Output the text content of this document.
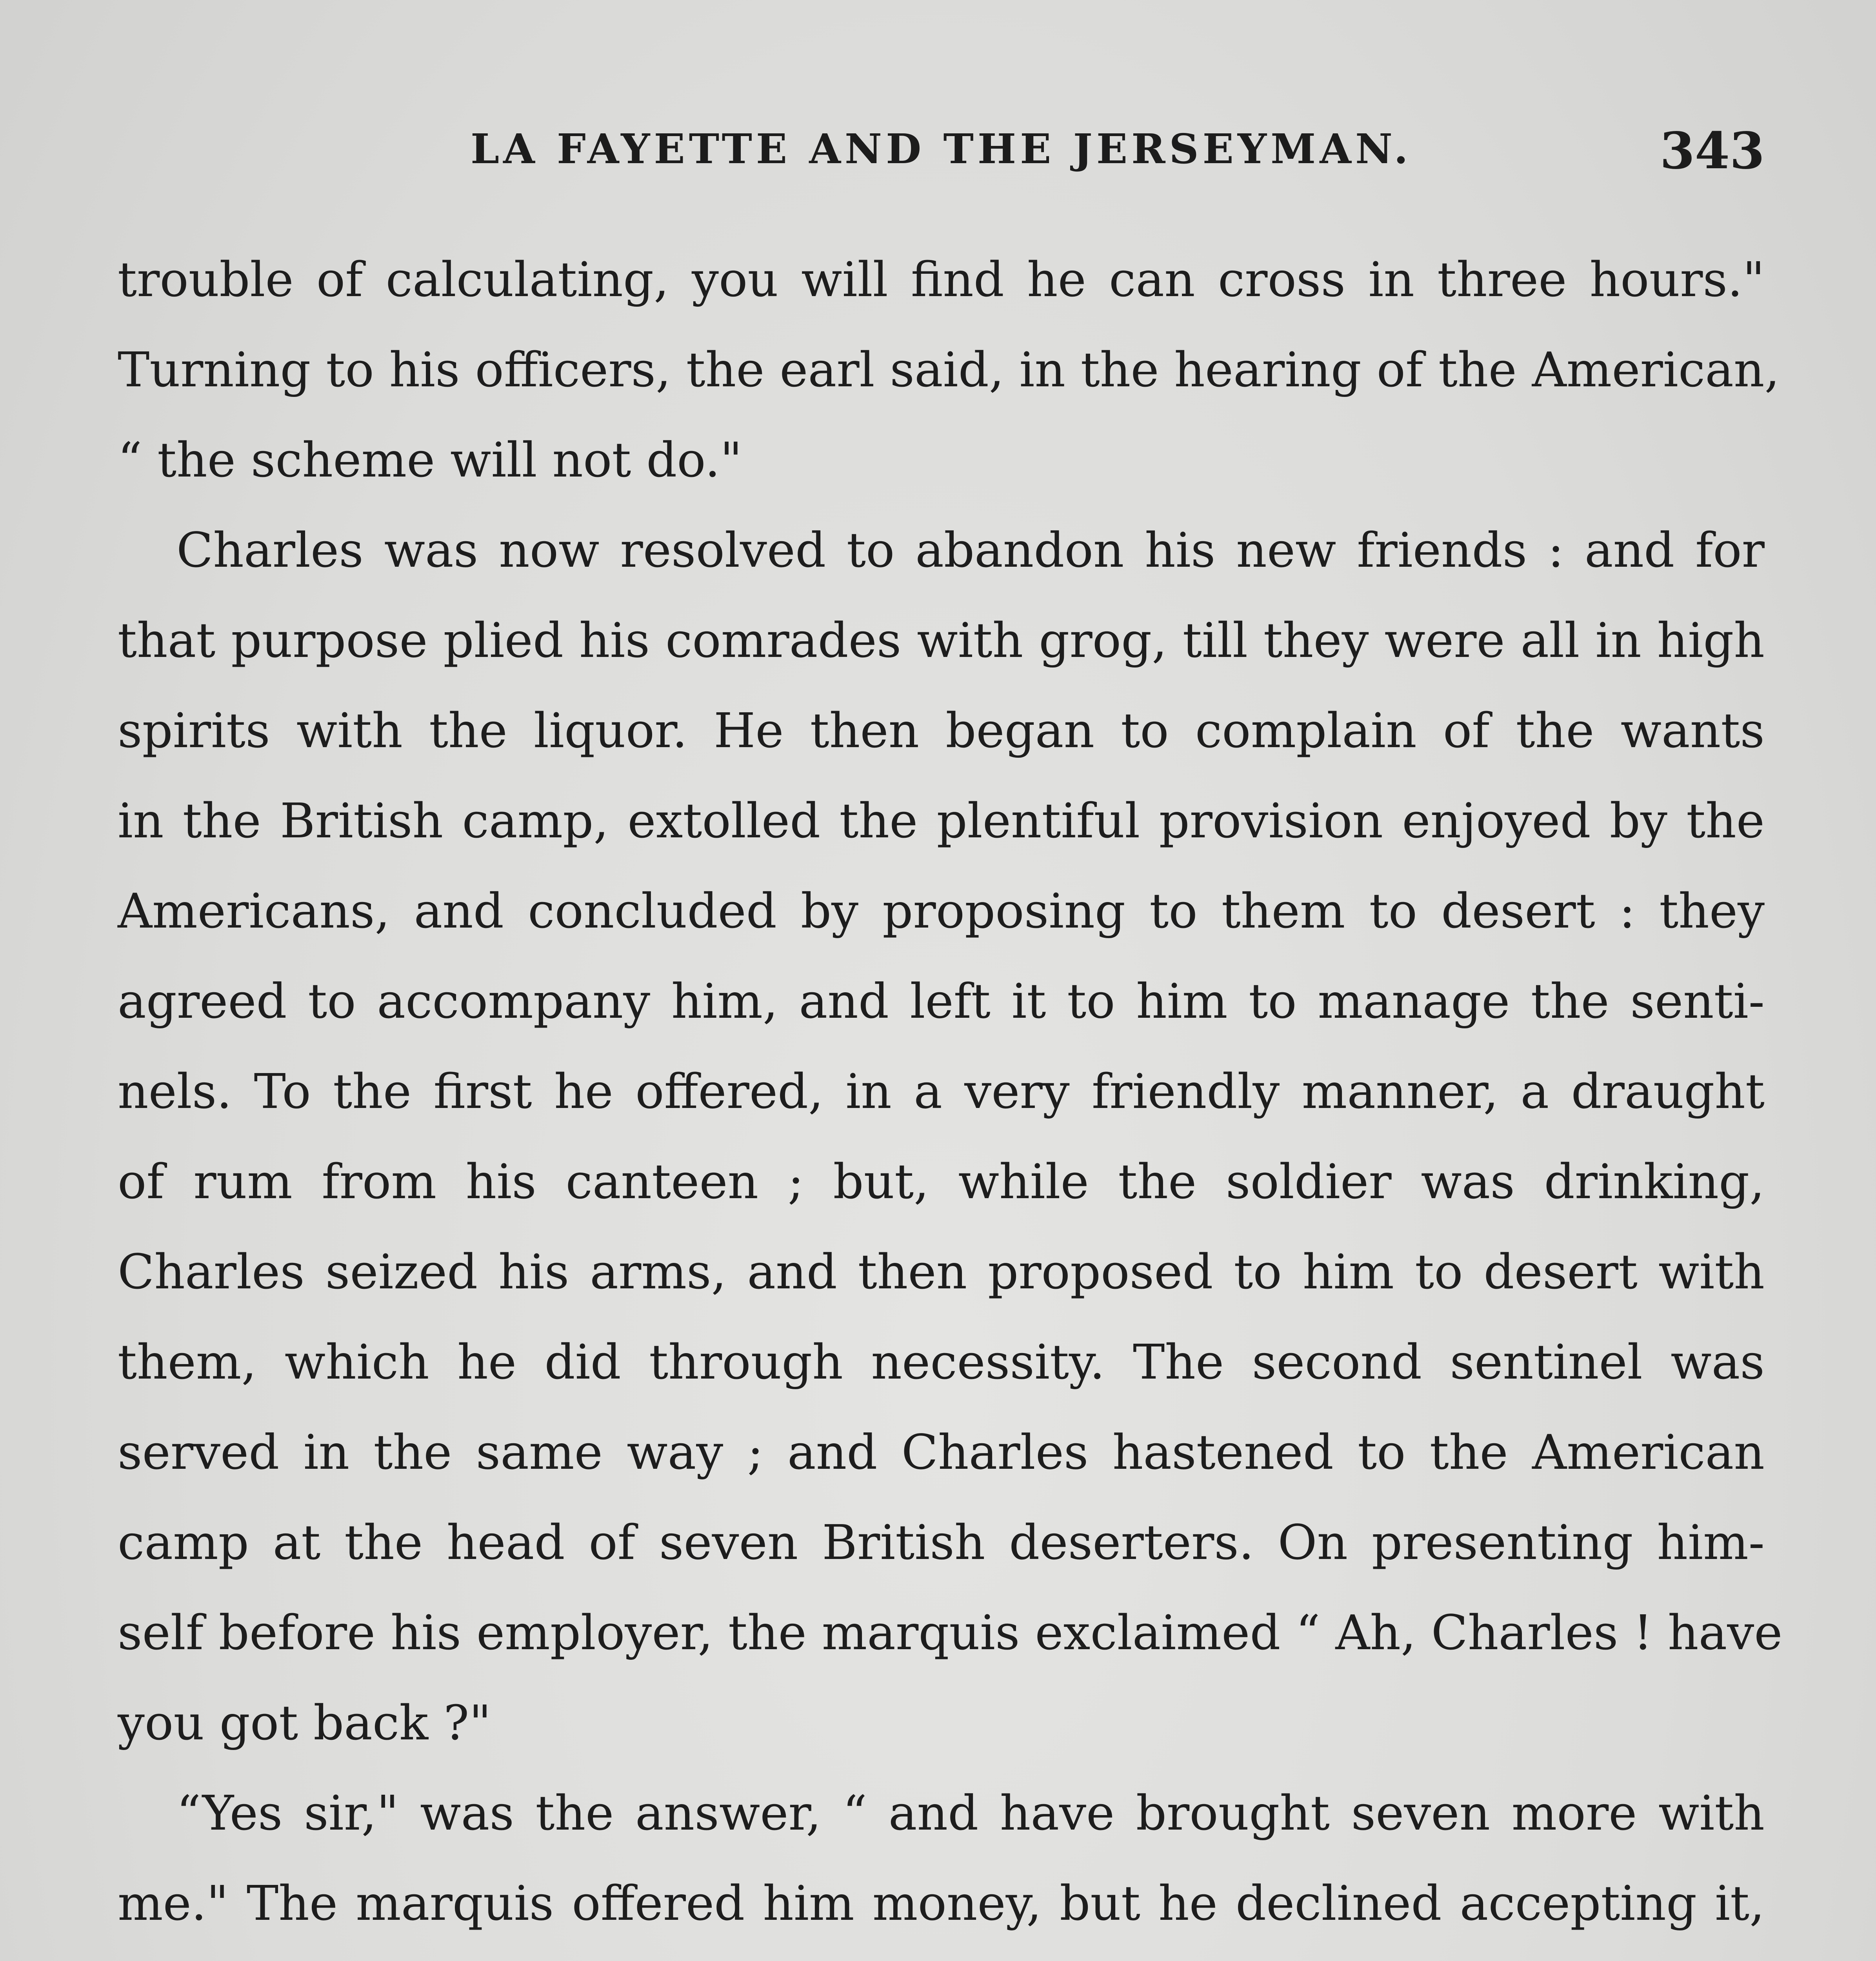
LA FAYETTE AND THE JERSEYMAN.	343
trouble of calculating, you will find he can cross in three hours."
Turning to his officers, the earl said, in the hearing of the American,
“ the scheme will not do."
Charles was now resolved to abandon his new friends : and for
that purpose plied his comrades with grog, till they were all in high
spirits with the liquor. He then began to complain of the wants
in the British camp, extolled the plentiful provision enjoyed by the
Americans, and concluded by proposing to them to desert : they
agreed to accompany him, and left it to him to manage the senti-
nels. To the first he offered, in a very friendly manner, a draught
of rum from his canteen ; but, while the soldier was drinking,
Charles seized his arms, and then proposed to him to desert with
them, which he did through necessity. The second sentinel was
served in the same way ; and Charles hastened to the American
camp at the head of seven British deserters. On presenting him-
self before his employer, the marquis exclaimed “ Ah, Charles ! have
you got back ?"
“Yes sir," was the answer, “ and have brought seven more with
me." The marquis offered him money, but he declined accepting it,
